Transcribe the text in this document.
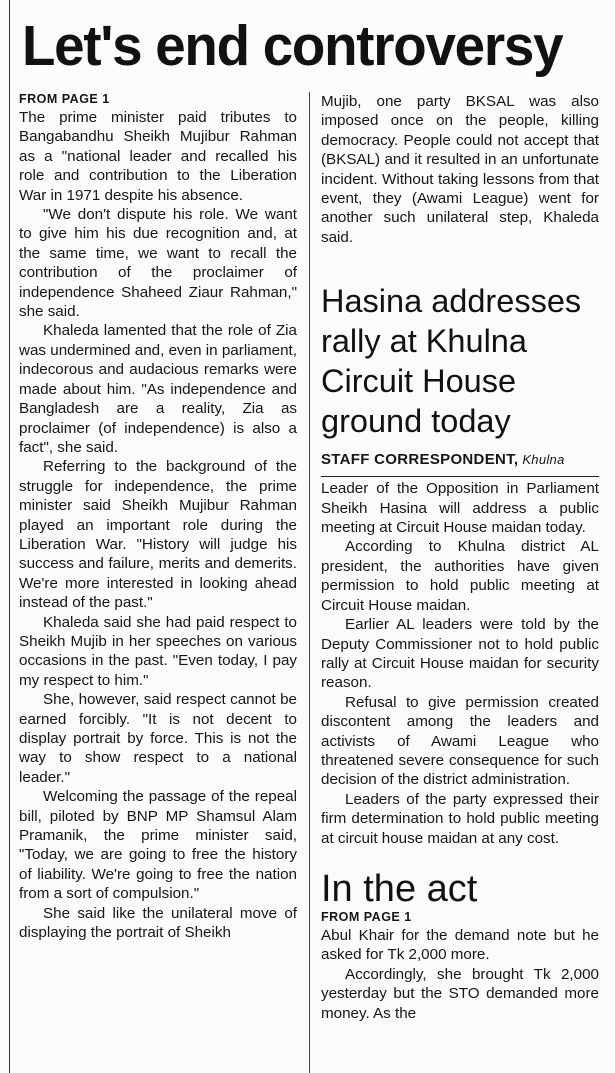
Let's end controversy
FROM PAGE 1

The prime minister paid tributes to Bangabandhu Sheikh Mujibur Rahman as a "national leader and recalled his role and contribution to the Liberation War in 1971 despite his absence.

"We don't dispute his role. We want to give him his due recognition and, at the same time, we want to recall the contribution of the proclaimer of independence Shaheed Ziaur Rahman," she said.

Khaleda lamented that the role of Zia was undermined and, even in parliament, indecorous and audacious remarks were made about him. "As independence and Bangladesh are a reality, Zia as proclaimer (of independence) is also a fact", she said.

Referring to the background of the struggle for independence, the prime minister said Sheikh Mujibur Rahman played an important role during the Liberation War. "History will judge his success and failure, merits and demerits. We're more interested in looking ahead instead of the past."

Khaleda said she had paid respect to Sheikh Mujib in her speeches on various occasions in the past. "Even today, I pay my respect to him."

She, however, said respect cannot be earned forcibly. "It is not decent to display portrait by force. This is not the way to show respect to a national leader."

Welcoming the passage of the repeal bill, piloted by BNP MP Shamsul Alam Pramanik, the prime minister said, "Today, we are going to free the history of liability. We're going to free the nation from a sort of compulsion."

She said like the unilateral move of displaying the portrait of Sheikh

Mujib, one party BKSAL was also imposed once on the people, killing democracy. People could not accept that (BKSAL) and it resulted in an unfortunate incident. Without taking lessons from that event, they (Awami League) went for another such unilateral step, Khaleda said.

Hasina addresses rally at Khulna Circuit House ground today
STAFF CORRESPONDENT, Khulna

Leader of the Opposition in Parliament Sheikh Hasina will address a public meeting at Circuit House maidan today.

According to Khulna district AL president, the authorities have given permission to hold public meeting at Circuit House maidan.

Earlier AL leaders were told by the Deputy Commissioner not to hold public rally at Circuit House maidan for security reason.

Refusal to give permission created discontent among the leaders and activists of Awami League who threatened severe consequence for such decision of the district administration.

Leaders of the party expressed their firm determination to hold public meeting at circuit house maidan at any cost.

In the act
FROM PAGE 1

Abul Khair for the demand note but he asked for Tk 2,000 more.

Accordingly, she brought Tk 2,000 yesterday but the STO demanded more money. As the
